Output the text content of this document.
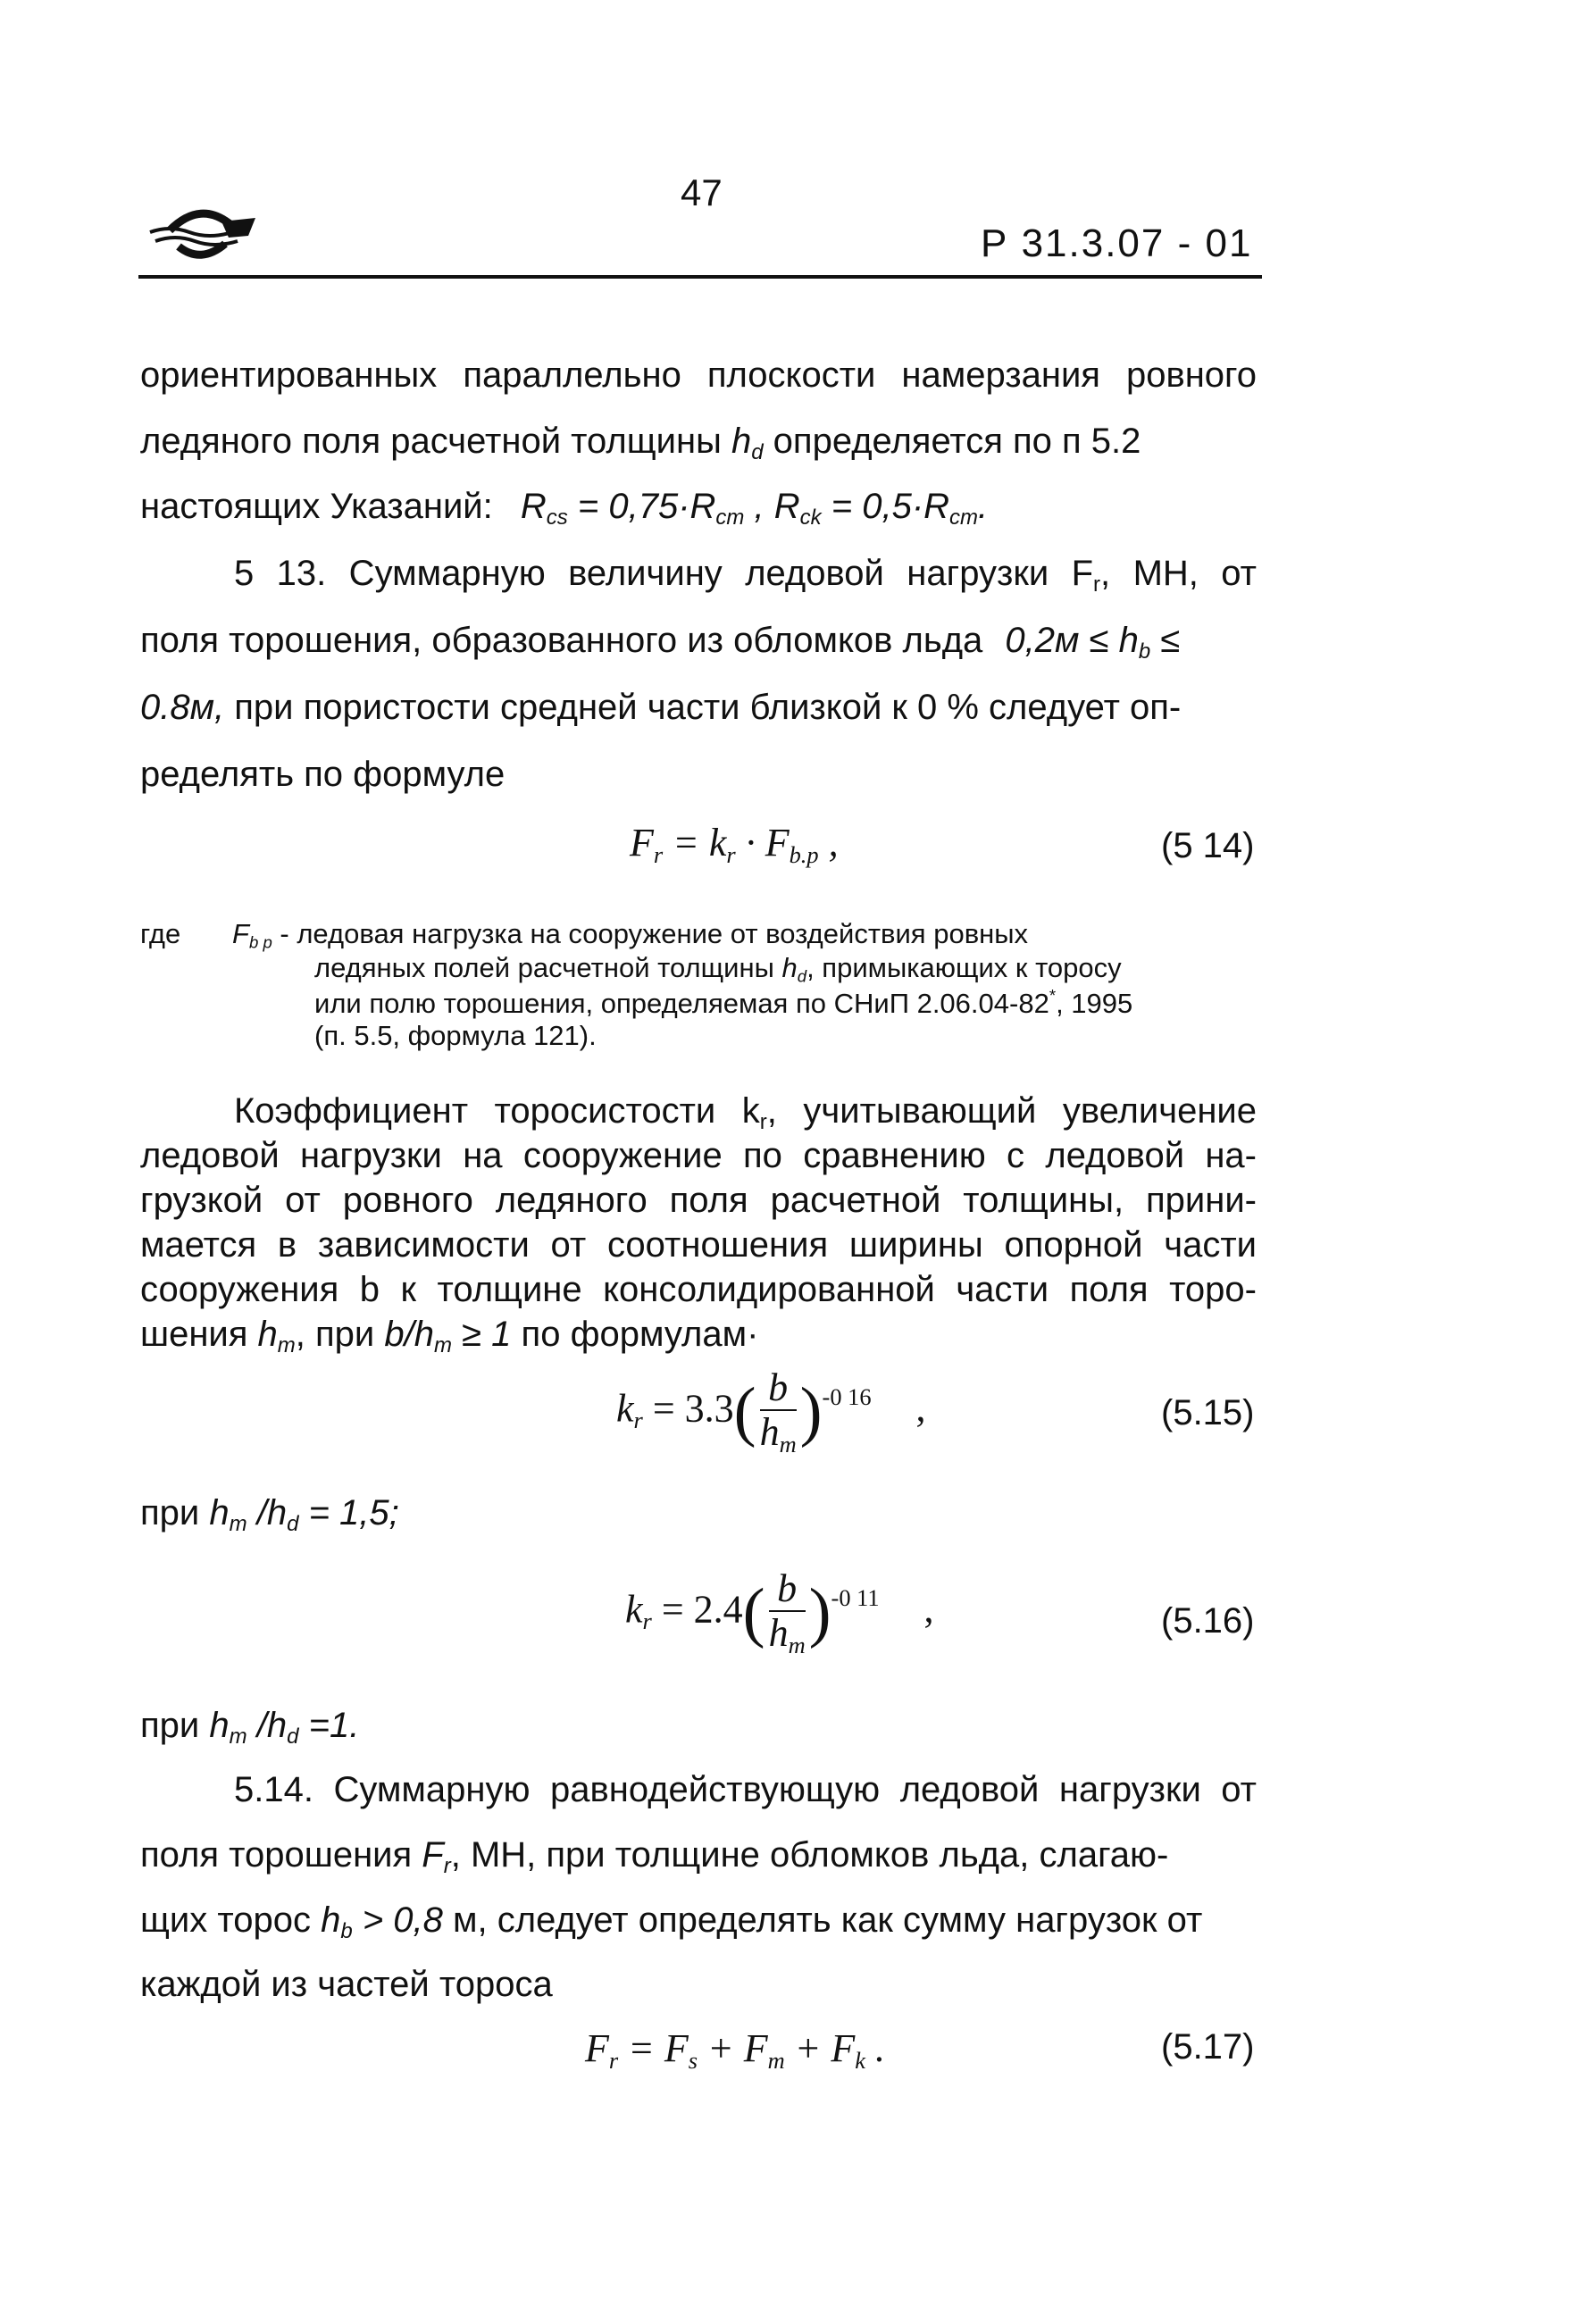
47
Р 31.3.07 - 01
ориентированных параллельно плоскости намерзания ровного
ледяного поля расчетной толщины $h_d$ определяется по п 5.2
настоящих Указаний: $R_{cs} = 0,75\cdot R_{cm}$ , $R_{ck} = 0,5\cdot R_{cm}$.
5 13. Суммарную величину ледовой нагрузки $F_r$, МН, от
поля торошения, образованного из обломков льда $0,2м \le h_b$ ≤
0.8м, при пористости средней части близкой к 0 % следует оп-
ределять по формуле
$F_r = k_r \cdot F_{b.p}$ ,	(5 14)
где $F_{b p}$ - ледовая нагрузка на сооружение от воздействия ровных
ледяных полей расчетной толщины $h_d$, примыкающих к торосу
или полю торошения, определяемая по СНиП 2.06.04-82*, 1995
(п. 5.5, формула 121).
Коэффициент торосистости $k_r$, учитывающий увеличение
ледовой нагрузки на сооружение по сравнению с ледовой на-
грузкой от ровного ледяного поля расчетной толщины, прини-
мается в зависимости от соотношения ширины опорной части
сооружения b к толщине консолидированной части поля торо-
шения $h_m$, при $b/h_m \ge 1$ по формулам·
$k_r = 3.3( \frac{b}{h_m} )^{-0 16}$ ,	(5.15)
при $h_m$ $/h_d = 1,5$;
$k_r = 2.4( \frac{b}{h_m} )^{-0 11}$ ,	(5.16)
при $h_m$ $/h_d =1$.
5.14. Суммарную равнодействующую ледовой нагрузки от
поля торошения $F_r$, МН, при толщине обломков льда, слагаю-
щих торос $h_b > 0,8$ м, следует определять как сумму нагрузок от
каждой из частей тороса
$F_r = F_s + F_m + F_k$ .	(5.17)
